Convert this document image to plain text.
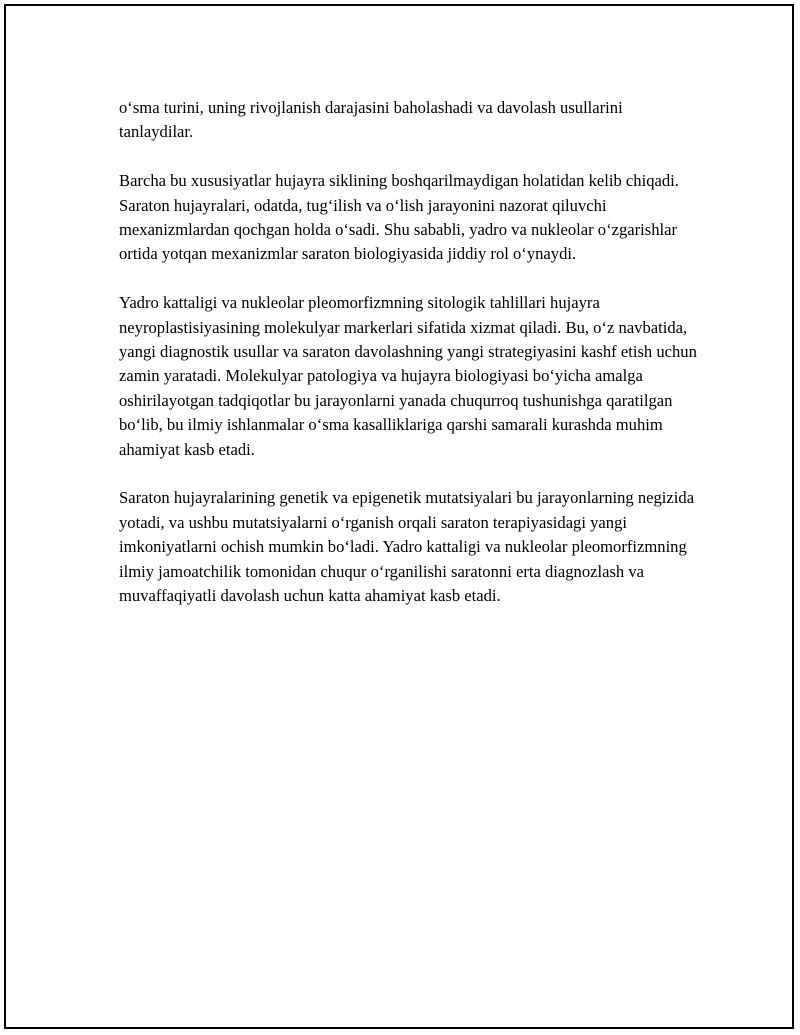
o‘sma turini, uning rivojlanish darajasini baholashadi va davolash usullarini tanlaydilar.

Barcha bu xususiyatlar hujayra siklining boshqarilmaydigan holatidan kelib chiqadi. Saraton hujayralari, odatda, tug‘ilish va o‘lish jarayonini nazorat qiluvchi mexanizmlardan qochgan holda o‘sadi. Shu sababli, yadro va nukleolar o‘zgarishlar ortida yotqan mexanizmlar saraton biologiyasida jiddiy rol o‘ynaydi.

Yadro kattaligi va nukleolar pleomorfizmning sitologik tahlillari hujayra neyroplastisiyasining molekulyar markerlari sifatida xizmat qiladi. Bu, o‘z navbatida, yangi diagnostik usullar va saraton davolashning yangi strategiyasini kashf etish uchun zamin yaratadi. Molekulyar patologiya va hujayra biologiyasi bo‘yicha amalga oshirilayotgan tadqiqotlar bu jarayonlarni yanada chuqurroq tushunishga qaratilgan bo‘lib, bu ilmiy ishlanmalar o‘sma kasalliklariga qarshi samarali kurashda muhim ahamiyat kasb etadi.

Saraton hujayralarining genetik va epigenetik mutatsiyalari bu jarayonlarning negizida yotadi, va ushbu mutatsiyalarni o‘rganish orqali saraton terapiyasidagi yangi imkoniyatlarni ochish mumkin bo‘ladi. Yadro kattaligi va nukleolar pleomorfizmning ilmiy jamoatchilik tomonidan chuqur o‘rganilishi saratonni erta diagnozlash va muvaffaqiyatli davolash uchun katta ahamiyat kasb etadi.
